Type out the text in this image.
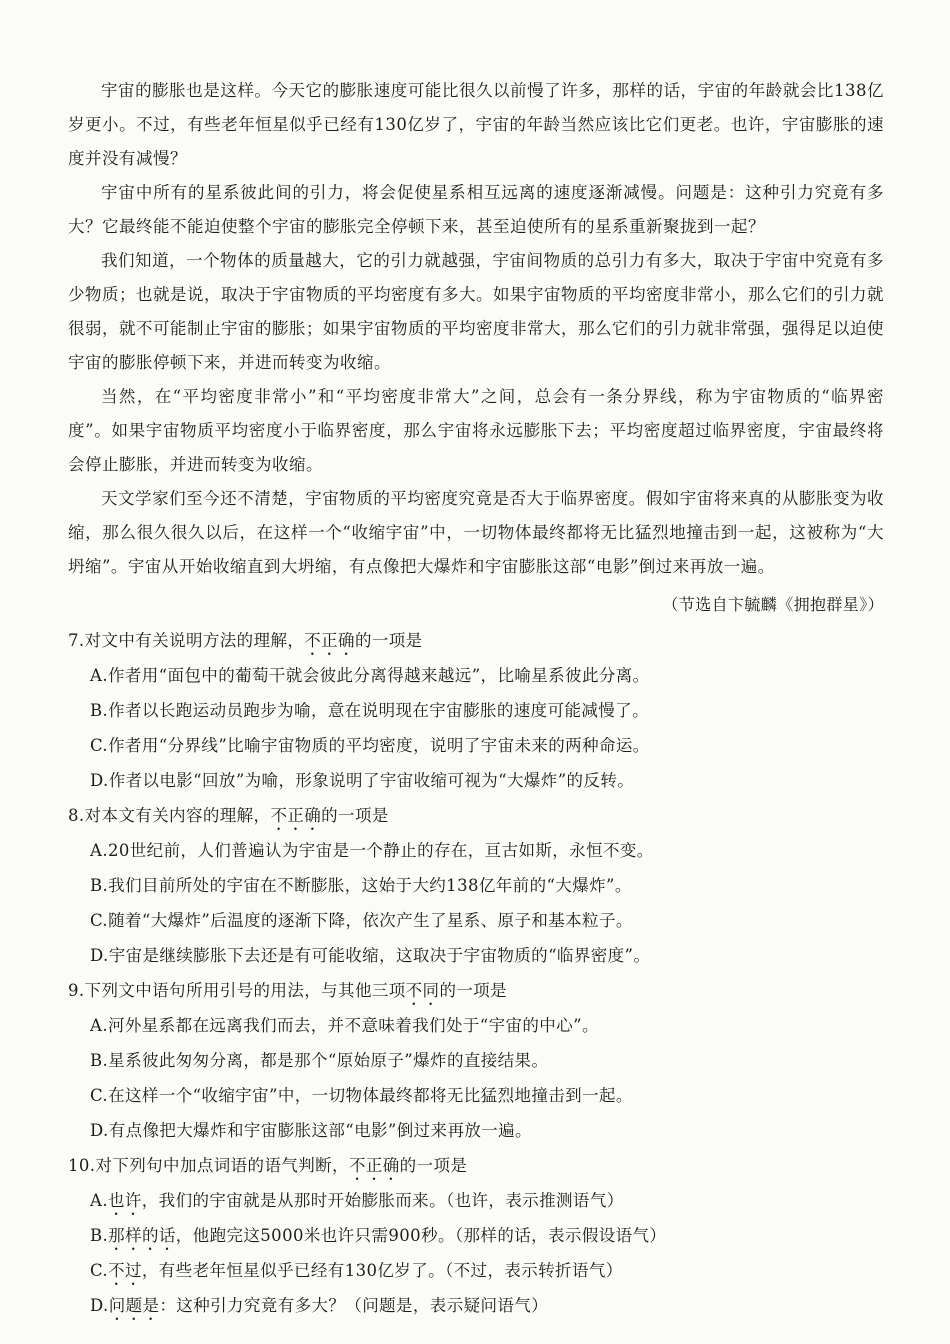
宇宙的膨胀也是这样。今天它的膨胀速度可能比很久以前慢了许多，那样的话，宇宙的年龄就会比138亿岁更小。不过，有些老年恒星似乎已经有130亿岁了，宇宙的年龄当然应该比它们更老。也许，宇宙膨胀的速度并没有减慢？

宇宙中所有的星系彼此间的引力，将会促使星系相互远离的速度逐渐减慢。问题是：这种引力究竟有多大？它最终能不能迫使整个宇宙的膨胀完全停顿下来，甚至迫使所有的星系重新聚拢到一起？

我们知道，一个物体的质量越大，它的引力就越强，宇宙间物质的总引力有多大，取决于宇宙中究竟有多少物质；也就是说，取决于宇宙物质的平均密度有多大。如果宇宙物质的平均密度非常小，那么它们的引力就很弱，就不可能制止宇宙的膨胀；如果宇宙物质的平均密度非常大，那么它们的引力就非常强，强得足以迫使宇宙的膨胀停顿下来，并进而转变为收缩。

当然，在“平均密度非常小”和“平均密度非常大”之间，总会有一条分界线，称为宇宙物质的“临界密度”。如果宇宙物质平均密度小于临界密度，那么宇宙将永远膨胀下去；平均密度超过临界密度，宇宙最终将会停止膨胀，并进而转变为收缩。

天文学家们至今还不清楚，宇宙物质的平均密度究竟是否大于临界密度。假如宇宙将来真的从膨胀变为收缩，那么很久很久以后，在这样一个“收缩宇宙”中，一切物体最终都将无比猛烈地撞击到一起，这被称为“大坍缩”。宇宙从开始收缩直到大坍缩，有点像把大爆炸和宇宙膨胀这部“电影”倒过来再放一遍。

（节选自卞毓麟《拥抱群星》）

7.对文中有关说明方法的理解，不正确的一项是

A.作者用“面包中的葡萄干就会彼此分离得越来越远”，比喻星系彼此分离。

B.作者以长跑运动员跑步为喻，意在说明现在宇宙膨胀的速度可能减慢了。

C.作者用“分界线”比喻宇宙物质的平均密度，说明了宇宙未来的两种命运。

D.作者以电影“回放”为喻，形象说明了宇宙收缩可视为“大爆炸”的反转。

8.对本文有关内容的理解，不正确的一项是

A.20世纪前，人们普遍认为宇宙是一个静止的存在，亘古如斯，永恒不变。

B.我们目前所处的宇宙在不断膨胀，这始于大约138亿年前的“大爆炸”。

C.随着“大爆炸”后温度的逐渐下降，依次产生了星系、原子和基本粒子。

D.宇宙是继续膨胀下去还是有可能收缩，这取决于宇宙物质的“临界密度”。

9.下列文中语句所用引号的用法，与其他三项不同的一项是

A.河外星系都在远离我们而去，并不意味着我们处于“宇宙的中心”。

B.星系彼此匆匆分离，都是那个“原始原子”爆炸的直接结果。

C.在这样一个“收缩宇宙”中，一切物体最终都将无比猛烈地撞击到一起。

D.有点像把大爆炸和宇宙膨胀这部“电影”倒过来再放一遍。

10.对下列句中加点词语的语气判断，不正确的一项是

A.也许，我们的宇宙就是从那时开始膨胀而来。（也许，表示推测语气）

B.那样的话，他跑完这5000米也许只需900秒。（那样的话，表示假设语气）

C.不过，有些老年恒星似乎已经有130亿岁了。（不过，表示转折语气）

D.问题是：这种引力究竟有多大？（问题是，表示疑问语气）
